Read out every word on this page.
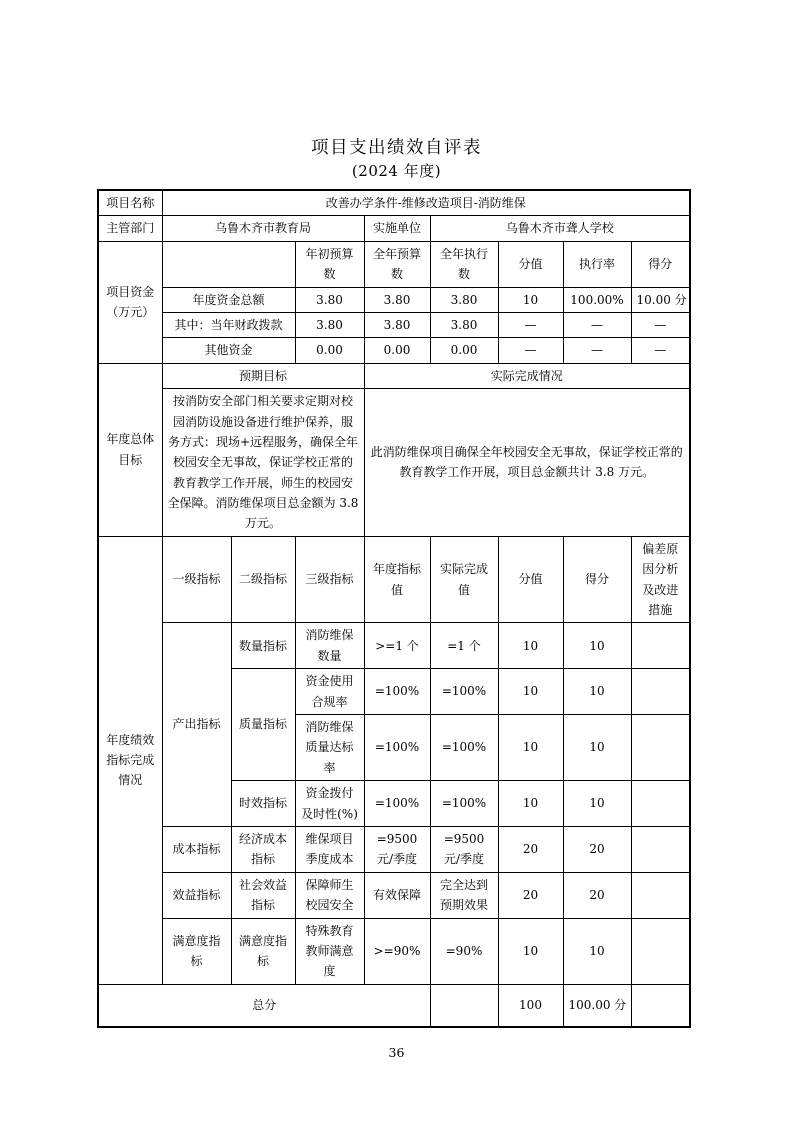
项目支出绩效自评表
(2024 年度)
项目名称	改善办学条件-维修改造项目-消防维保							
主管部门	乌鲁木齐市教育局			实施单位	乌鲁木齐市聋人学校			
项目资金（万元）			年初预算数	全年预算数	全年执行数	分值	执行率	得分
	年度资金总额		3.80	3.80	3.80	10	100.00%	10.00 分
	其中：当年财政拨款		3.80	3.80	3.80	—	—	—
	其他资金		0.00	0.00	0.00	—	—	—
年度总体目标	预期目标			实际完成情况				
	按消防安全部门相关要求定期对校园消防设施设备进行维护保养，服务方式：现场+远程服务，确保全年校园安全无事故，保证学校正常的教育教学工作开展，师生的校园安全保障。消防维保项目总金额为 3.8 万元。			此消防维保项目确保全年校园安全无事故，保证学校正常的教育教学工作开展，项目总金额共计 3.8 万元。				
年度绩效指标完成情况	一级指标	二级指标	三级指标	年度指标值	实际完成值	分值	得分	偏差原因分析及改进措施
	产出指标	数量指标	消防维保数量	>=1 个	=1 个	10	10	
		质量指标	资金使用合规率	=100%	=100%	10	10	
			消防维保质量达标率	=100%	=100%	10	10	
		时效指标	资金拨付及时性(%)	=100%	=100%	10	10	
	成本指标	经济成本指标	维保项目季度成本	=9500 元/季度	=9500 元/季度	20	20	
	效益指标	社会效益指标	保障师生校园安全	有效保障	完全达到预期效果	20	20	
	满意度指标	满意度指标	特殊教育教师满意度	>=90%	=90%	10	10	
总分						100	100.00 分	
36
